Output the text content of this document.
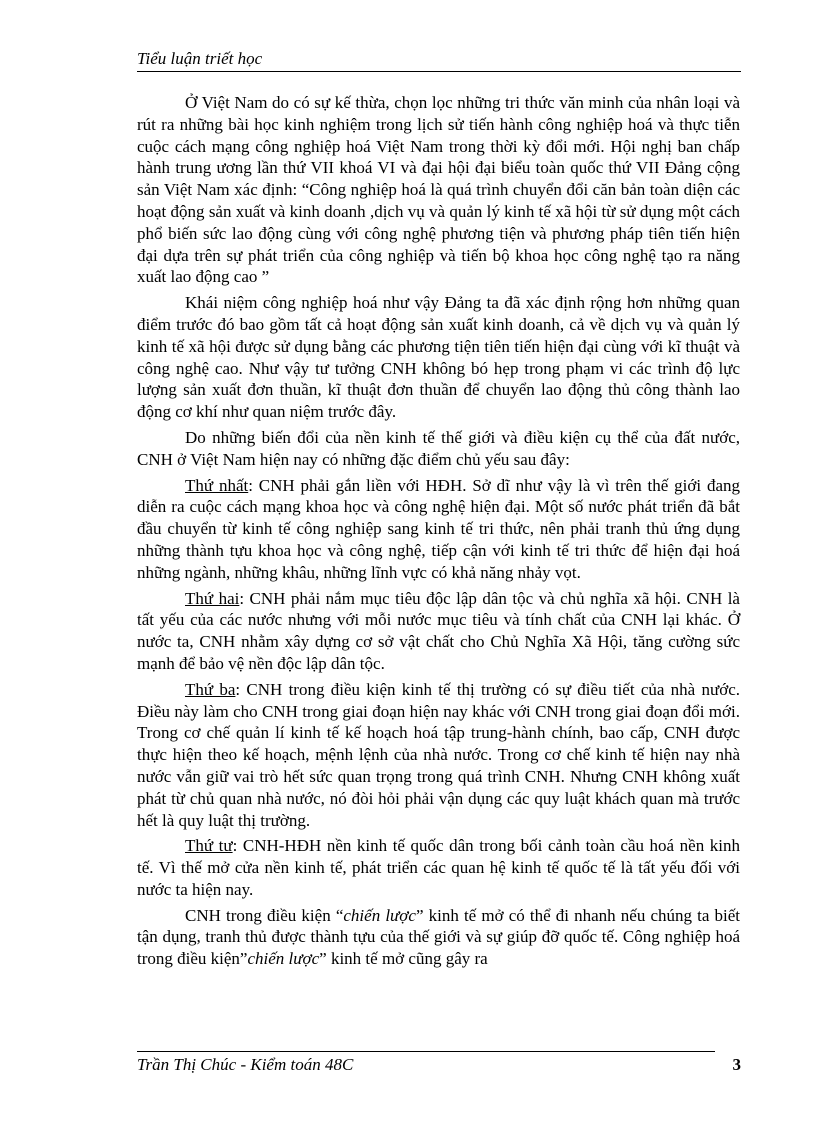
Tiểu luận triết học

Ở Việt Nam do có sự kế thừa, chọn lọc những tri thức văn minh của nhân loại và rút ra những bài học kinh nghiệm trong lịch sử tiến hành công nghiệp hoá và thực tiễn cuộc cách mạng công nghiệp hoá Việt Nam trong thời kỳ đổi mới. Hội nghị ban chấp hành trung ương lần thứ VII khoá VI và đại hội đại biểu toàn quốc thứ VII Đảng cộng sản Việt Nam xác định: “Công nghiệp hoá là quá trình chuyển đổi căn bản toàn diện các hoạt động sản xuất và kinh doanh ,dịch vụ và quản lý kinh tế xã hội từ sử dụng một cách phổ biến sức lao động cùng với công nghệ phương tiện và phương pháp tiên tiến hiện đại dựa trên sự phát triển của công nghiệp và tiến bộ khoa học công nghệ tạo ra năng xuất lao động cao ”

Khái niệm công nghiệp hoá như vậy Đảng ta đã xác định rộng hơn những quan điểm trước đó bao gồm tất cả hoạt động sản xuất kinh doanh, cả về dịch vụ và quản lý kinh tế xã hội được sử dụng bằng các phương tiện tiên tiến hiện đại cùng với kĩ thuật và công nghệ cao. Như vậy tư tưởng CNH không bó hẹp trong phạm vi các trình độ lực lượng sản xuất đơn thuần, kĩ thuật đơn thuần để chuyển lao động thủ công thành lao động cơ khí như quan niệm trước đây.

Do những biến đổi của nền kinh tế thế giới và điều kiện cụ thể của đất nước, CNH ở Việt Nam hiện nay có những đặc điểm chủ yếu sau đây:

Thứ nhất: CNH phải gắn liền với HĐH. Sở dĩ như vậy là vì trên thế giới đang diễn ra cuộc cách mạng khoa học và công nghệ hiện đại. Một số nước phát triển đã bắt đầu chuyển từ kinh tế công nghiệp sang kinh tế tri thức, nên phải tranh thủ ứng dụng những thành tựu khoa học và công nghệ, tiếp cận với kinh tế tri thức để hiện đại hoá những ngành, những khâu, những lĩnh vực có khả năng nhảy vọt.

Thứ hai: CNH phải nắm mục tiêu độc lập dân tộc và chủ nghĩa xã hội. CNH là tất yếu của các nước nhưng với mỗi nước mục tiêu và tính chất của CNH lại khác. Ở nước ta, CNH nhằm xây dựng cơ sở vật chất cho Chủ Nghĩa Xã Hội, tăng cường sức mạnh để bảo vệ nền độc lập dân tộc.

Thứ ba: CNH trong điều kiện kinh tế thị trường có sự điều tiết của nhà nước. Điều này làm cho CNH trong giai đoạn hiện nay khác với CNH trong giai đoạn đổi mới. Trong cơ chế quản lí kinh tế kế hoạch hoá tập trung-hành chính, bao cấp, CNH được thực hiện theo kế hoạch, mệnh lệnh của nhà nước. Trong cơ chế kinh tế hiện nay nhà nước vẫn giữ vai trò hết sức quan trọng trong quá trình CNH. Nhưng CNH không xuất phát từ chủ quan nhà nước, nó đòi hỏi phải vận dụng các quy luật khách quan mà trước hết là quy luật thị trường.

Thứ tư: CNH-HĐH nền kinh tế quốc dân trong bối cảnh toàn cầu hoá nền kinh tế. Vì thế mở cửa nền kinh tế, phát triển các quan hệ kinh tế quốc tế là tất yếu đối với nước ta hiện nay.

CNH trong điều kiện “chiến lược” kinh tế mở có thể đi nhanh nếu chúng ta biết tận dụng, tranh thủ được thành tựu của thế giới và sự giúp đỡ quốc tế. Công nghiệp hoá trong điều kiện”chiến lược” kinh tế mở cũng gây ra

Trần Thị Chúc - Kiểm toán 48C	3
